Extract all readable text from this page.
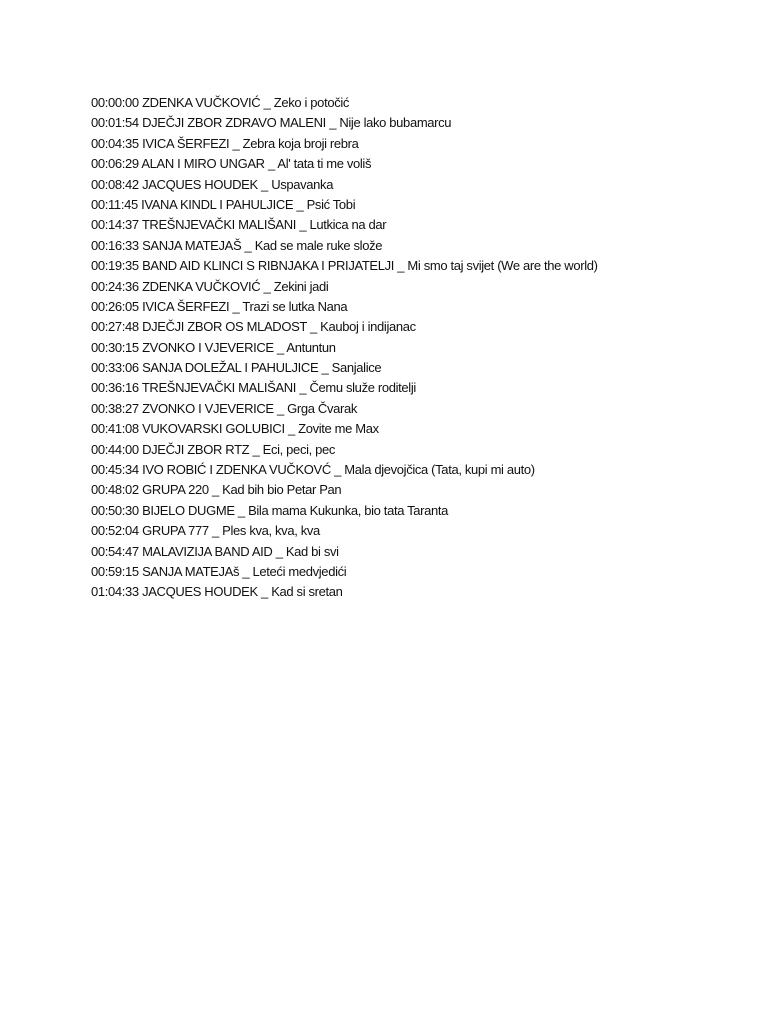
00:00:00 ZDENKA VUČKOVIĆ _ Zeko i potočić
00:01:54 DJEČJI ZBOR ZDRAVO MALENI _ Nije lako bubamarcu
00:04:35 IVICA ŠERFEZI _ Zebra koja broji rebra
00:06:29 ALAN I MIRO UNGAR _ Al' tata ti me voliš
00:08:42 JACQUES HOUDEK _ Uspavanka
00:11:45 IVANA KINDL I PAHULJICE _ Psić Tobi
00:14:37 TREŠNJEVAČKI MALIŠANI _ Lutkica na dar
00:16:33 SANJA MATEJAŠ _ Kad se male ruke slože
00:19:35 BAND AID KLINCI S RIBNJAKA I PRIJATELJI _ Mi smo taj svijet (We are the world)
00:24:36 ZDENKA VUČKOVIĆ _ Zekini jadi
00:26:05 IVICA ŠERFEZI _ Trazi se lutka Nana
00:27:48 DJEČJI ZBOR OS MLADOST _ Kauboj i indijanac
00:30:15 ZVONKO I VJEVERICE _ Antuntun
00:33:06 SANJA DOLEŽAL I PAHULJICE _ Sanjalice
00:36:16 TREŠNJEVAČKI MALIŠANI _ Čemu služe roditelji
00:38:27 ZVONKO I VJEVERICE _ Grga Čvarak
00:41:08 VUKOVARSKI GOLUBICI _ Zovite me Max
00:44:00 DJEČJI ZBOR RTZ _ Eci, peci, pec
00:45:34 IVO ROBIĆ I ZDENKA VUČKOVĆ _ Mala djevojčica (Tata, kupi mi auto)
00:48:02 GRUPA 220 _ Kad bih bio Petar Pan
00:50:30 BIJELO DUGME _ Bila mama Kukunka, bio tata Taranta
00:52:04 GRUPA 777 _ Ples kva, kva, kva
00:54:47 MALAVIZIJA BAND AID _ Kad bi svi
00:59:15 SANJA MATEJAš _ Leteći medvjedići
01:04:33 JACQUES HOUDEK _ Kad si sretan
